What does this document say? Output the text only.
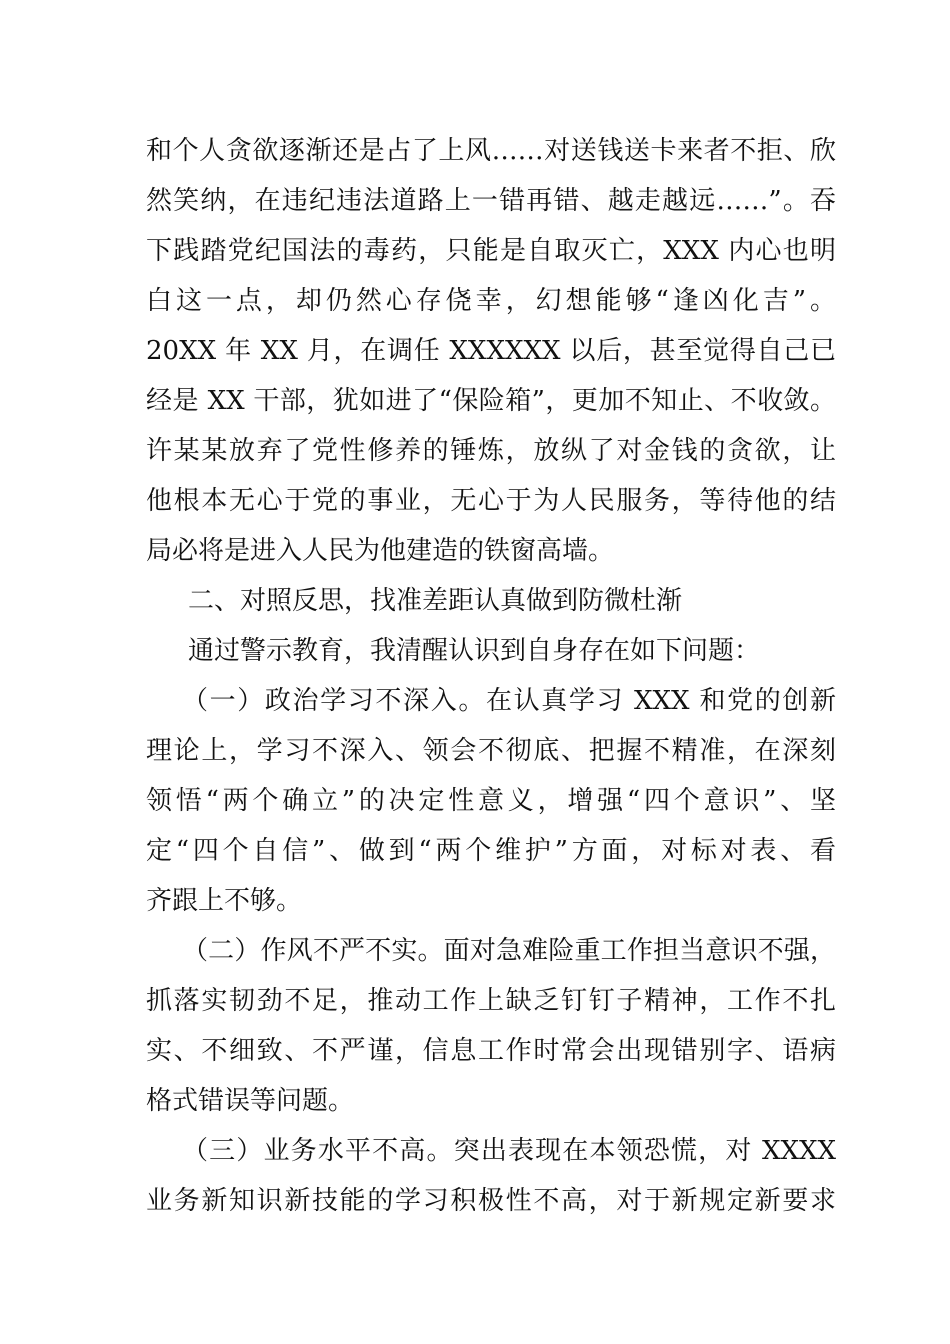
和个人贪欲逐渐还是占了上风……对送钱送卡来者不拒、欣
然笑纳，在违纪违法道路上一错再错、越走越远……”。吞
下践踏党纪国法的毒药，只能是自取灭亡，XXX 内心也明
白这一点，却仍然心存侥幸，幻想能够“逢凶化吉”。
20XX 年 XX 月，在调任 XXXXXX 以后，甚至觉得自己已
经是 XX 干部，犹如进了“保险箱”，更加不知止、不收敛。
许某某放弃了党性修养的锤炼，放纵了对金钱的贪欲，让
他根本无心于党的事业，无心于为人民服务，等待他的结
局必将是进入人民为他建造的铁窗高墙。
二、对照反思，找准差距认真做到防微杜渐
通过警示教育，我清醒认识到自身存在如下问题：
（一）政治学习不深入。在认真学习 XXX 和党的创新
理论上，学习不深入、领会不彻底、把握不精准，在深刻
领悟“两个确立”的决定性意义，增强“四个意识”、坚
定“四个自信”、做到“两个维护”方面，对标对表、看
齐跟上不够。
（二）作风不严不实。面对急难险重工作担当意识不强，
抓落实韧劲不足，推动工作上缺乏钉钉子精神，工作不扎
实、不细致、不严谨，信息工作时常会出现错别字、语病
格式错误等问题。
（三）业务水平不高。突出表现在本领恐慌，对 XXXX
业务新知识新技能的学习积极性不高，对于新规定新要求
